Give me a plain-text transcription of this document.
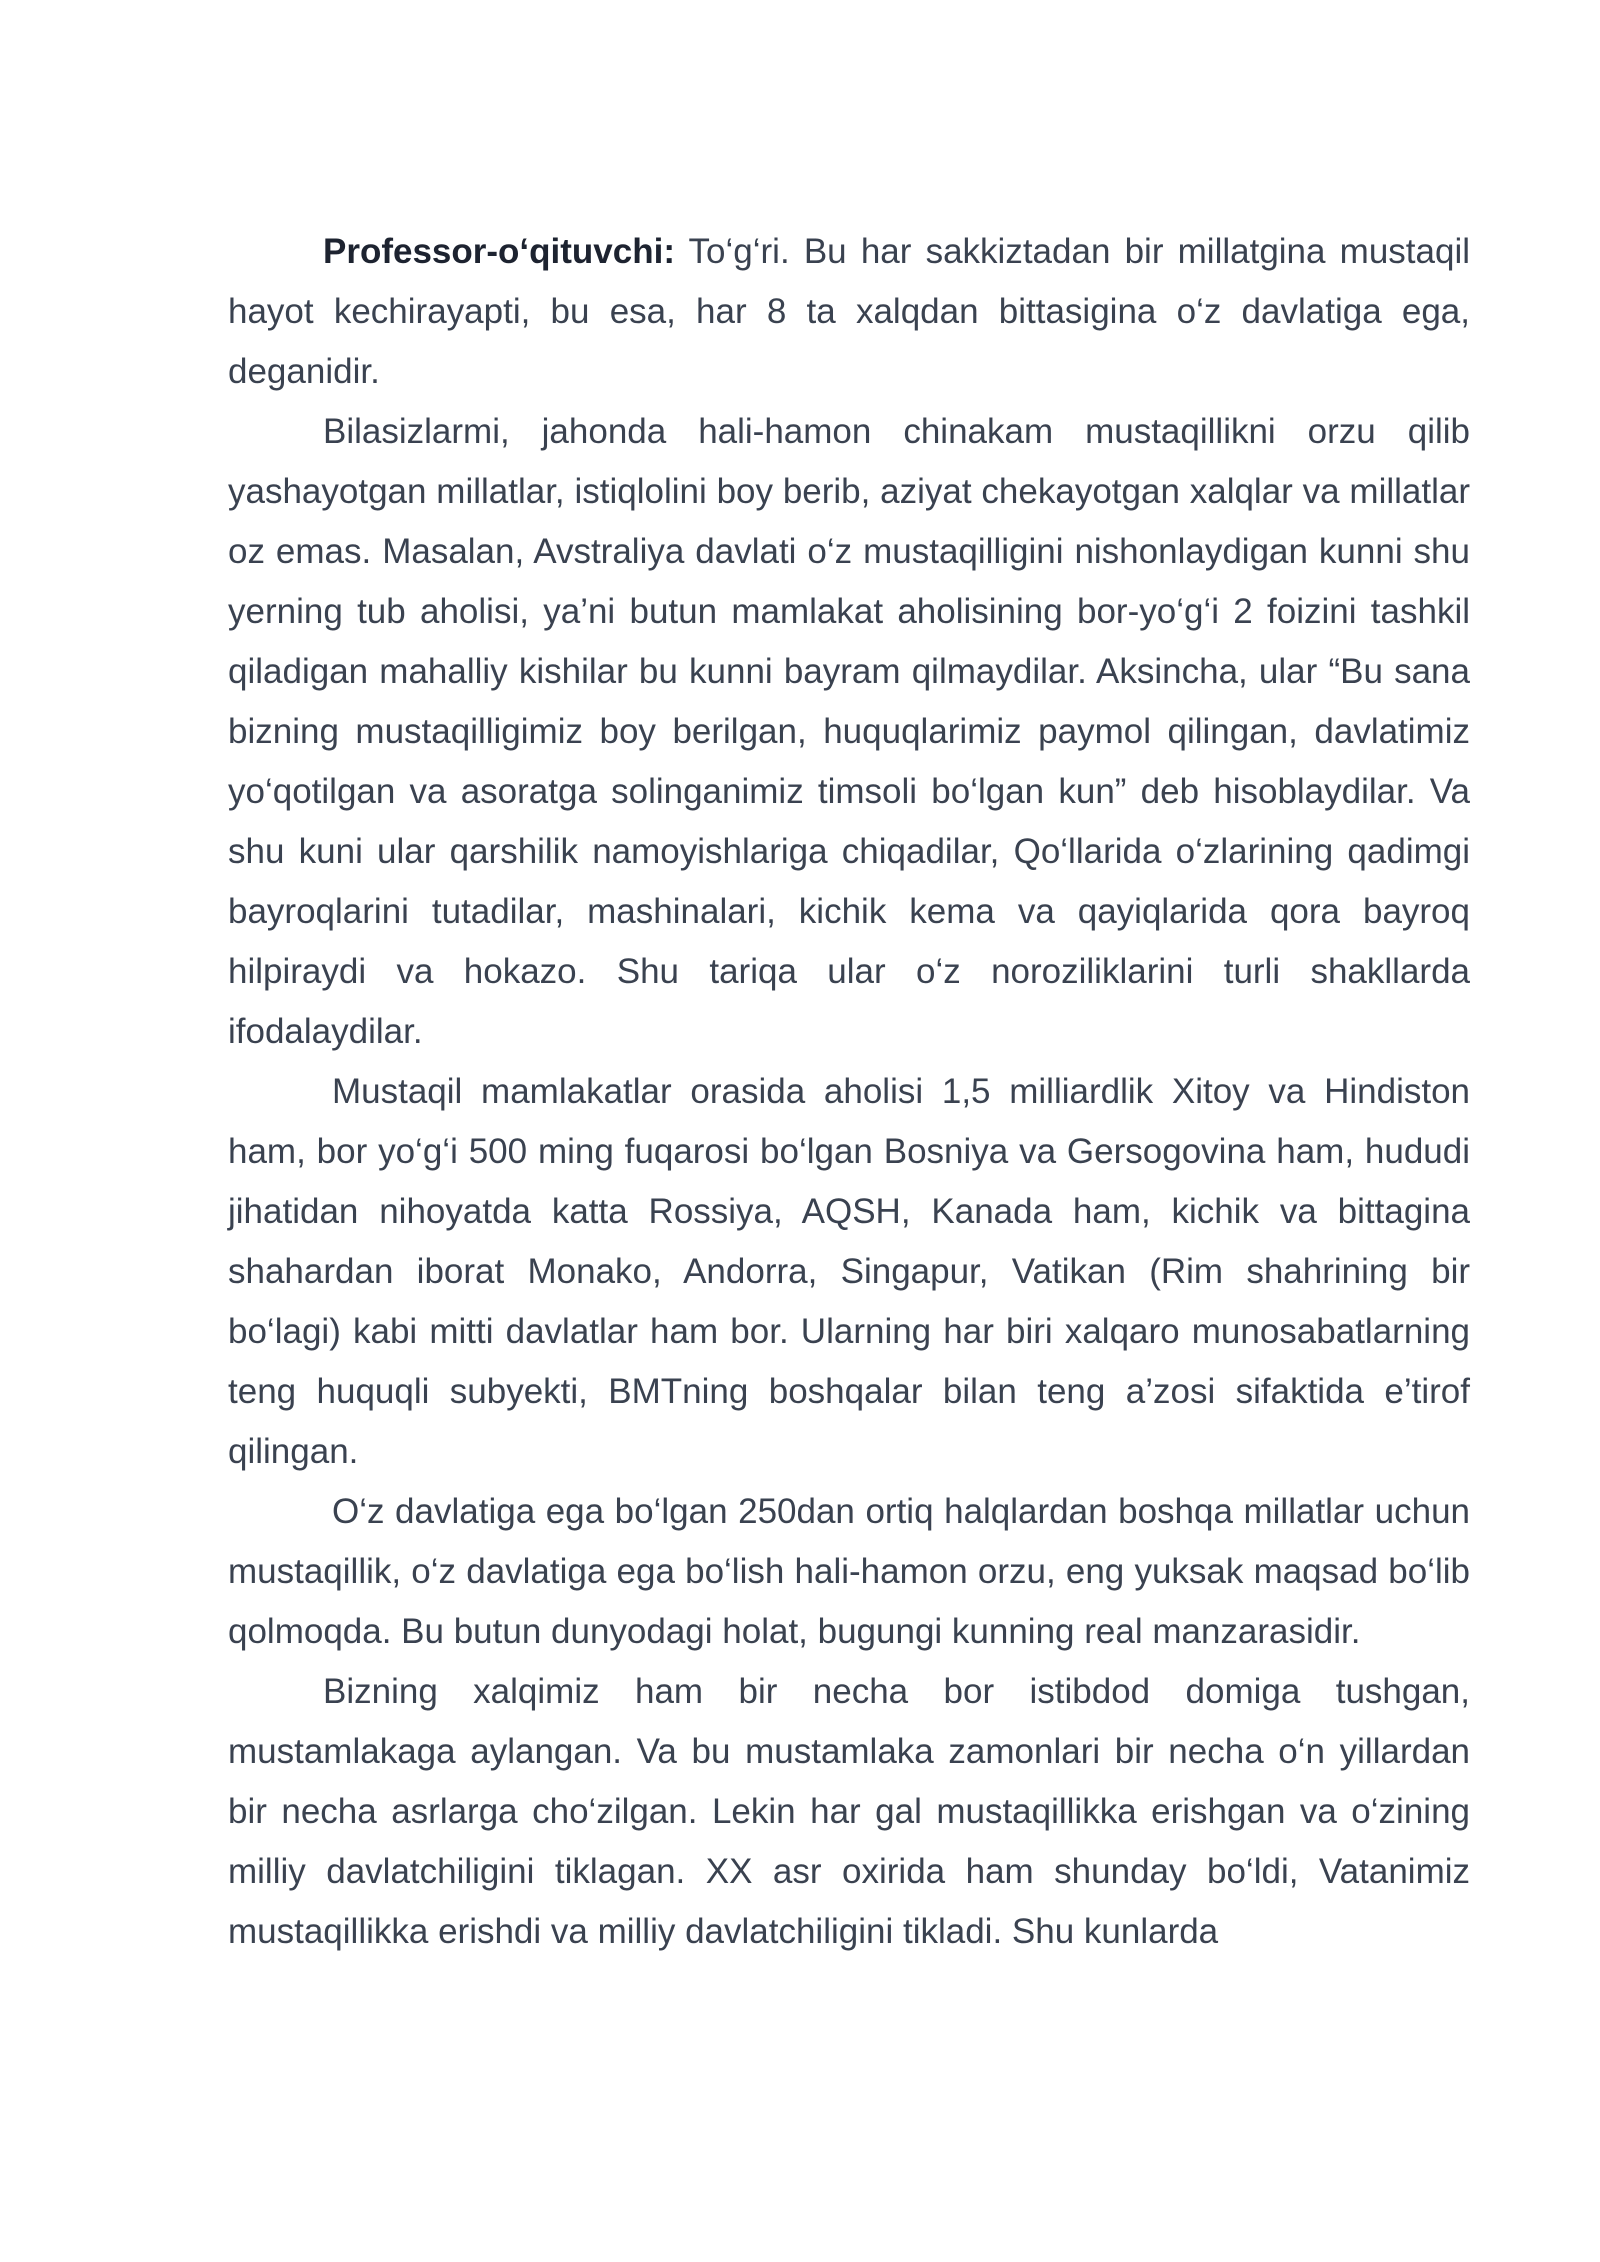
Professor-o‘qituvchi: To‘g‘ri. Bu har sakkiztadan bir millatgina mustaqil hayot kechirayapti, bu esa, har 8 ta xalqdan bittasigina o‘z davlatiga ega, deganidir.

Bilasizlarmi, jahonda hali-hamon chinakam mustaqillikni orzu qilib yashayotgan millatlar, istiqlolini boy berib, aziyat chekayotgan xalqlar va millatlar oz emas. Masalan, Avstraliya davlati o‘z mustaqilligini nishonlaydigan kunni shu yerning tub aholisi, ya’ni butun mamlakat aholisining bor-yo‘g‘i 2 foizini tashkil qiladigan mahalliy kishilar bu kunni bayram qilmaydilar. Aksincha, ular “Bu sana bizning mustaqilligimiz boy berilgan, huquqlarimiz paymol qilingan, davlatimiz yo‘qotilgan va asoratga solinganimiz timsoli bo‘lgan kun” deb hisoblaydilar. Va shu kuni ular qarshilik namoyishlariga chiqadilar, Qo‘llarida o‘zlarining qadimgi bayroqlarini tutadilar, mashinalari, kichik kema va qayiqlarida qora bayroq hilpiraydi va hokazo. Shu tariqa ular o‘z noroziliklarini turli shakllarda ifodalaydilar.

Mustaqil mamlakatlar orasida aholisi 1,5 milliardlik Xitoy va Hindiston ham, bor yo‘g‘i 500 ming fuqarosi bo‘lgan Bosniya va Gersogovina ham, hududi jihatidan nihoyatda katta Rossiya, AQSH, Kanada ham, kichik va bittagina shahardan iborat Monako, Andorra, Singapur, Vatikan (Rim shahrining bir bo‘lagi) kabi mitti davlatlar ham bor. Ularning har biri xalqaro munosabatlarning teng huquqli subyekti, BMTning boshqalar bilan teng a’zosi sifaktida e’tirof qilingan.

O‘z davlatiga ega bo‘lgan 250dan ortiq halqlardan boshqa millatlar uchun mustaqillik, o‘z davlatiga ega bo‘lish hali-hamon orzu, eng yuksak maqsad bo‘lib qolmoqda. Bu butun dunyodagi holat, bugungi kunning real manzarasidir.

Bizning xalqimiz ham bir necha bor istibdod domiga tushgan, mustamlakaga aylangan. Va bu mustamlaka zamonlari bir necha o‘n yillardan bir necha asrlarga cho‘zilgan. Lekin har gal mustaqillikka erishgan va o‘zining milliy davlatchiligini tiklagan. XX asr oxirida ham shunday bo‘ldi, Vatanimiz mustaqillikka erishdi va milliy davlatchiligini tikladi. Shu kunlarda
